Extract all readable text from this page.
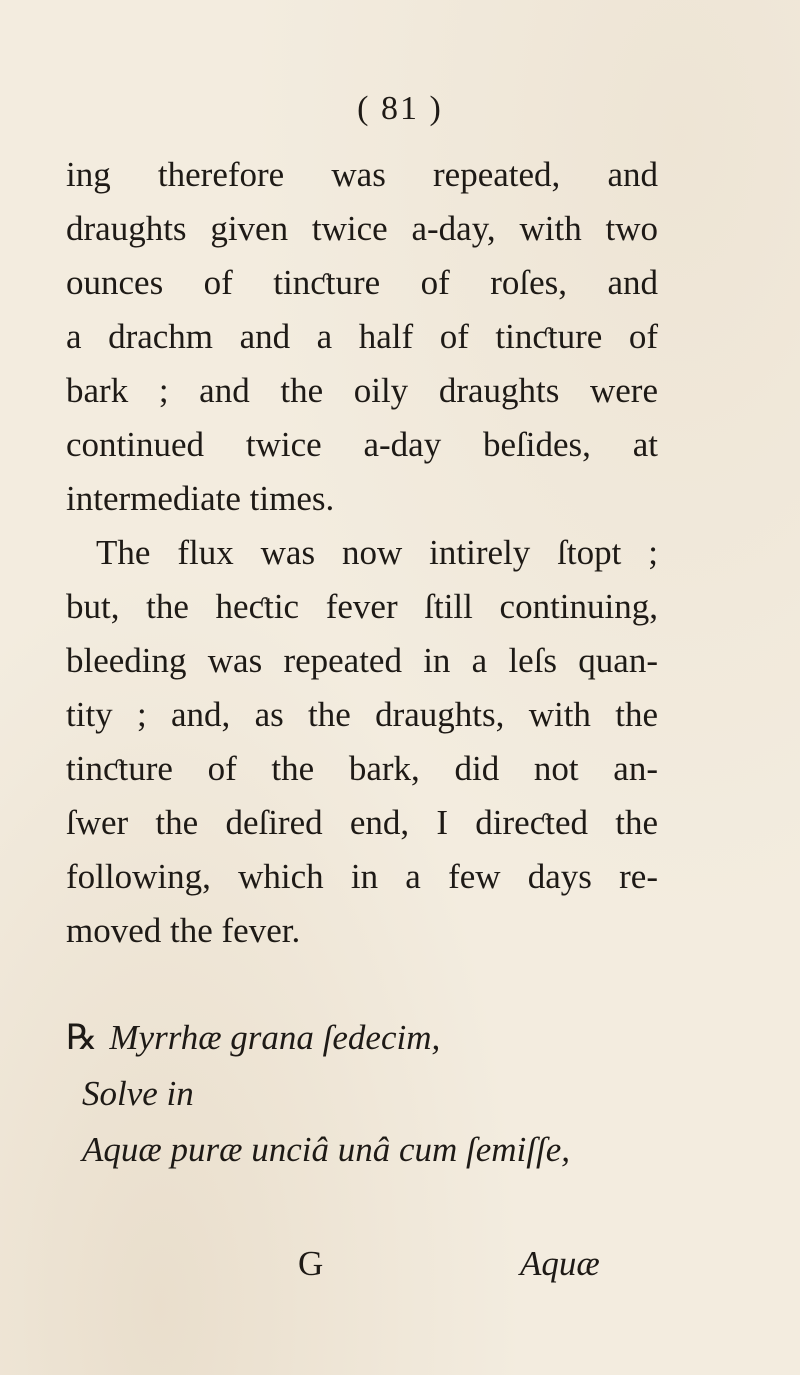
( 81 )
ing therefore was repeated, and
draughts given twice a-day, with two
ounces of tinƈture of roſes, and
a drachm and a half of tinƈture of
bark ; and the oily draughts were
continued twice a-day beſides, at
intermediate times.
The flux was now intirely ſtopt ;
but, the heƈtic fever ſtill continuing,
bleeding was repeated in a leſs quan-
tity ; and, as the draughts, with the
tinƈture of the bark, did not an-
ſwer the deſired end, I direƈted the
following, which in a few days re-
moved the fever.
℞ Myrrhæ grana ſedecim,
Solve in
Aquæ puræ unciâ unâ cum ſemiſſe,
G	Aquæ
